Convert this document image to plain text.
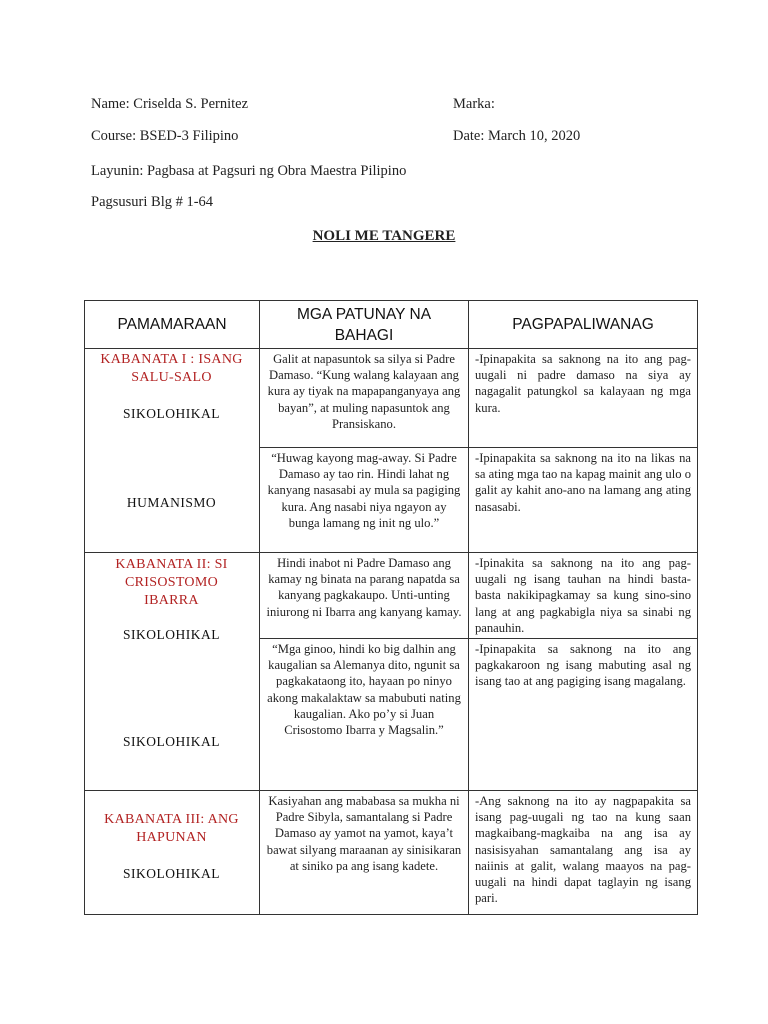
Name: Criselda S. Pernitez	Marka:
Course: BSED-3 Filipino	Date: March 10, 2020
Layunin: Pagbasa at Pagsuri ng Obra Maestra Pilipino
Pagsusuri Blg # 1-64
NOLI ME TANGERE
PAMAMARAAN
MGA PATUNAY NA BAHAGI
PAGPAPALIWANAG
KABANATA I : ISANG SALU-SALO
SIKOLOHIKAL
HUMANISMO
Galit at napasuntok sa silya si Padre Damaso. “Kung walang kalayaan ang kura ay tiyak na mapapanganyaya ang bayan”, at muling napasuntok ang Pransiskano.
-Ipinapakita sa saknong na ito ang pag-uugali ni padre damaso na siya ay nagagalit patungkol sa kalayaan ng mga kura.
“Huwag kayong mag-away. Si Padre Damaso ay tao rin. Hindi lahat ng kanyang nasasabi ay mula sa pagiging kura. Ang nasabi niya ngayon ay bunga lamang ng init ng ulo.”
-Ipinapakita sa saknong na ito na likas na sa ating mga tao na kapag mainit ang ulo o galit ay kahit ano-ano na lamang ang ating nasasabi.
KABANATA II: SI CRISOSTOMO IBARRA
SIKOLOHIKAL
SIKOLOHIKAL
Hindi inabot ni Padre Damaso ang kamay ng binata na parang napatda sa kanyang pagkakaupo. Unti-unting iniurong ni Ibarra ang kanyang kamay.
-Ipinakita sa saknong na ito ang pag-uugali ng isang tauhan na hindi basta-basta nakikipagkamay sa kung sino-sino lang at ang pagkabigla niya sa sinabi ng panauhin.
“Mga ginoo, hindi ko big dalhin ang kaugalian sa Alemanya dito, ngunit sa pagkakataong ito, hayaan po ninyo akong makalaktaw sa mabubuti nating kaugalian. Ako po’y si Juan Crisostomo Ibarra y Magsalin.”
-Ipinapakita sa saknong na ito ang pagkakaroon ng isang mabuting asal ng isang tao at ang pagiging isang magalang.
KABANATA III: ANG HAPUNAN
SIKOLOHIKAL
Kasiyahan ang mababasa sa mukha ni Padre Sibyla, samantalang si Padre Damaso ay yamot na yamot, kaya’t bawat silyang maraanan ay sinisikaran at siniko pa ang isang kadete.
-Ang saknong na ito ay nagpapakita sa isang pag-uugali ng tao na kung saan magkaibang-magkaiba na ang isa ay nasisisyahan samantalang ang isa ay naiinis at galit, walang maayos na pag-uugali na hindi dapat taglayin ng isang pari.
